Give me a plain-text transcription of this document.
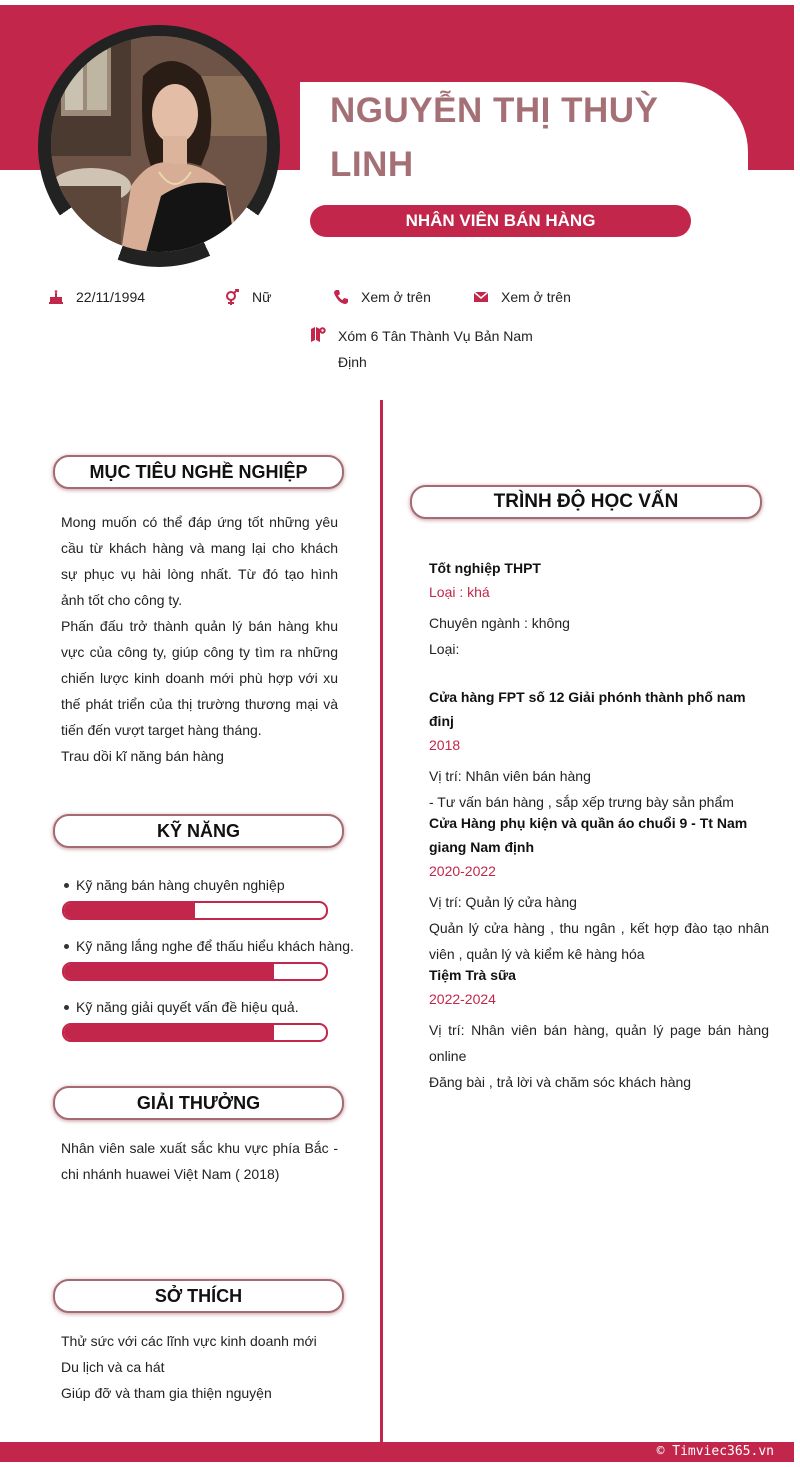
NGUYỄN THỊ THUỲ LINH
NHÂN VIÊN BÁN HÀNG
22/11/1994	Nữ	Xem ở trên	Xem ở trên
Xóm 6 Tân Thành Vụ Bản Nam Định
MỤC TIÊU NGHỀ NGHIỆP

Mong muốn có thể đáp ứng tốt những yêu cầu từ khách hàng và mang lại cho khách sự phục vụ hài lòng nhất. Từ đó tạo hình ảnh tốt cho công ty.

Phấn đấu trở thành quản lý bán hàng khu vực của công ty, giúp công ty tìm ra những chiến lược kinh doanh mới phù hợp với xu thế phát triển của thị trường thương mại và tiến đến vượt target hàng tháng.

Trau dồi kĩ năng bán hàng

KỸ NĂNG
Kỹ năng bán hàng chuyên nghiệp
Kỹ năng lắng nghe để thấu hiểu khách hàng.
Kỹ năng giải quyết vấn đề hiệu quả.
GIẢI THƯỞNG
Nhân viên sale xuất sắc khu vực phía Bắc - chi nhánh huawei Việt Nam ( 2018)
SỞ THÍCH

Thử sức với các lĩnh vực kinh doanh mới

Du lịch và ca hát

Giúp đỡ và tham gia thiện nguyện

TRÌNH ĐỘ HỌC VẤN
Tốt nghiệp THPT
Loại : khá
Chuyên ngành : không
Loại:
Cửa hàng FPT số 12 Giải phónh thành phố nam đinj
2018
Vị trí: Nhân viên bán hàng
- Tư vấn bán hàng , sắp xếp trưng bày sản phẩm
Cửa Hàng phụ kiện và quần áo chuổi 9 - Tt Nam giang Nam định
2020-2022
Vị trí: Quản lý cửa hàng
Quản lý cửa hàng , thu ngân , kết hợp đào tạo nhân viên , quản lý và kiểm kê hàng hóa
Tiệm Trà sữa
2022-2024
Vị trí: Nhân viên bán hàng, quản lý page bán hàng online
Đăng bài , trả lời và chăm sóc khách hàng
© Timviec365.vn
